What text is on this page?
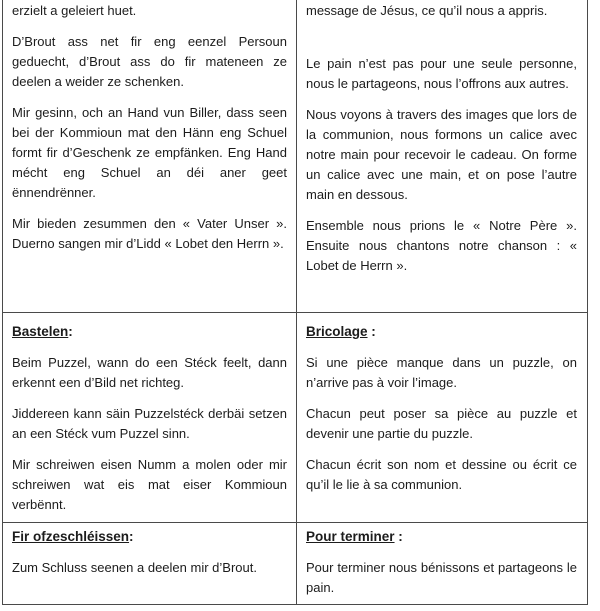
erzielt a geleiert huet.

D’Brout ass net fir eng eenzel Persoun geduecht, d’Brout ass do fir mateneen ze deelen a weider ze schenken.

Mir gesinn, och an Hand vun Biller, dass seen bei der Kommioun mat den Hänn eng Schuel formt fir d’Geschenk ze empfänken. Eng Hand mécht eng Schuel an déi aner geet ënnendrënner.

Mir bieden zesummen den « Vater Unser ». Duerno sangen mir d’Lidd « Lobet den Herrn ».

message de Jésus, ce qu’il nous a appris.

Le pain n’est pas pour une seule personne, nous le partageons, nous l’offrons aux autres.

Nous voyons à travers des images que lors de la communion, nous formons un calice avec notre main pour recevoir le cadeau. On forme un calice avec une main, et on pose l’autre main en dessous.

Ensemble nous prions le « Notre Père ». Ensuite nous chantons notre chanson : « Lobet de Herrn ».

Bastelen:

Beim Puzzel, wann do een Stéck feelt, dann erkennt een d’Bild net richteg.

Jiddereen kann säin Puzzelstéck derbäi setzen an een Stéck vum Puzzel sinn.

Mir schreiwen eisen Numm a molen oder mir schreiwen wat eis mat eiser Kommioun verbënnt.

Bricolage :

Si une pièce manque dans un puzzle, on n’arrive pas à voir l’image.

Chacun peut poser sa pièce au puzzle et devenir une partie du puzzle.

Chacun écrit son nom et dessine ou écrit ce qu’il le lie à sa communion.

Fir ofzeschléissen:

Zum Schluss seenen a deelen mir d’Brout.

Pour terminer :

Pour terminer nous bénissons et partageons le pain.
